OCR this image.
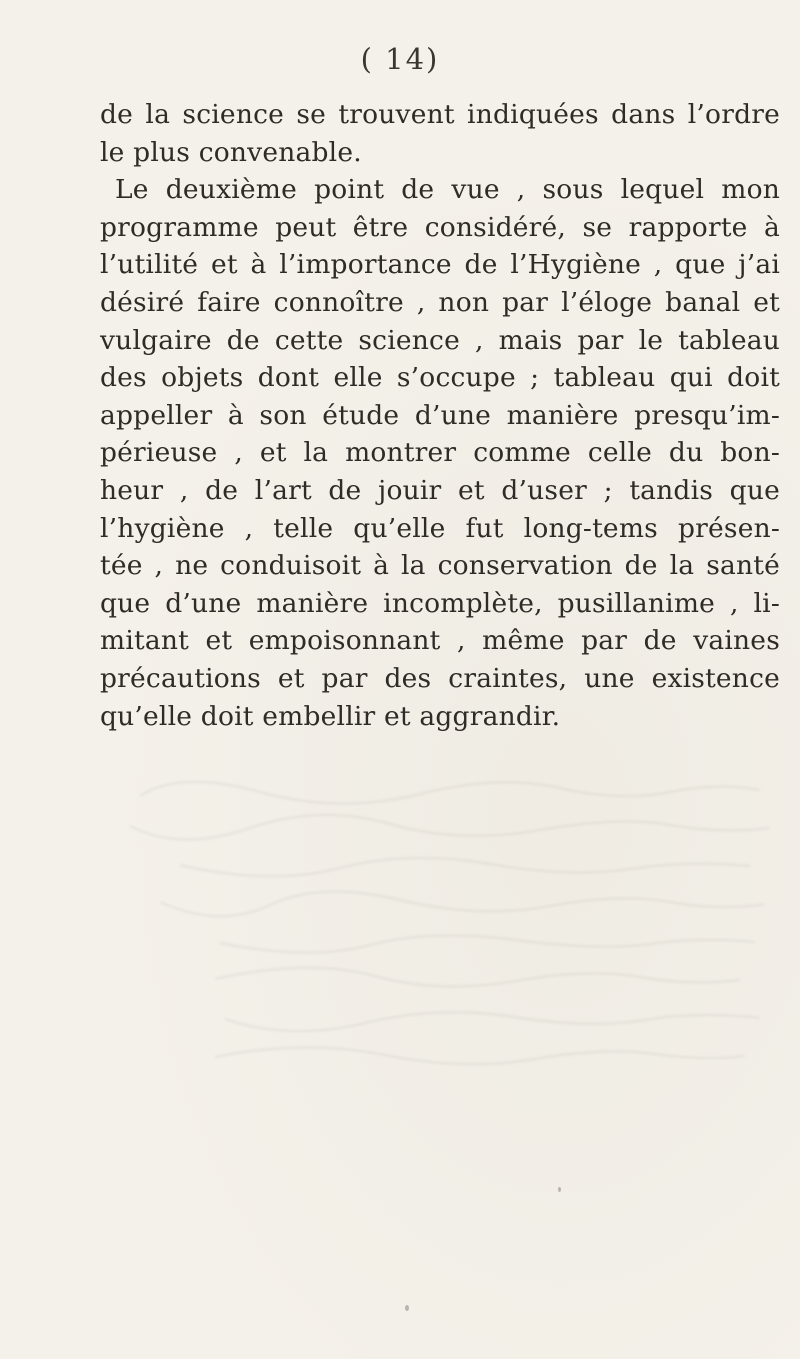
( 14)
de la science se trouvent indiquées dans l’ordre
le plus convenable.
Le deuxième point de vue , sous lequel mon
programme peut être considéré, se rapporte à
l’utilité et à l’importance de l’Hygiène , que j’ai
désiré faire connoître , non par l’éloge banal et
vulgaire de cette science , mais par le tableau
des objets dont elle s’occupe ; tableau qui doit
appeller à son étude d’une manière presqu’im-
périeuse , et la montrer comme celle du bon-
heur , de l’art de jouir et d’user ; tandis que
l’hygiène , telle qu’elle fut long-tems présen-
tée , ne conduisoit à la conservation de la santé
que d’une manière incomplète, pusillanime , li-
mitant et empoisonnant , même par de vaines
précautions et par des craintes, une existence
qu’elle doit embellir et aggrandir.
